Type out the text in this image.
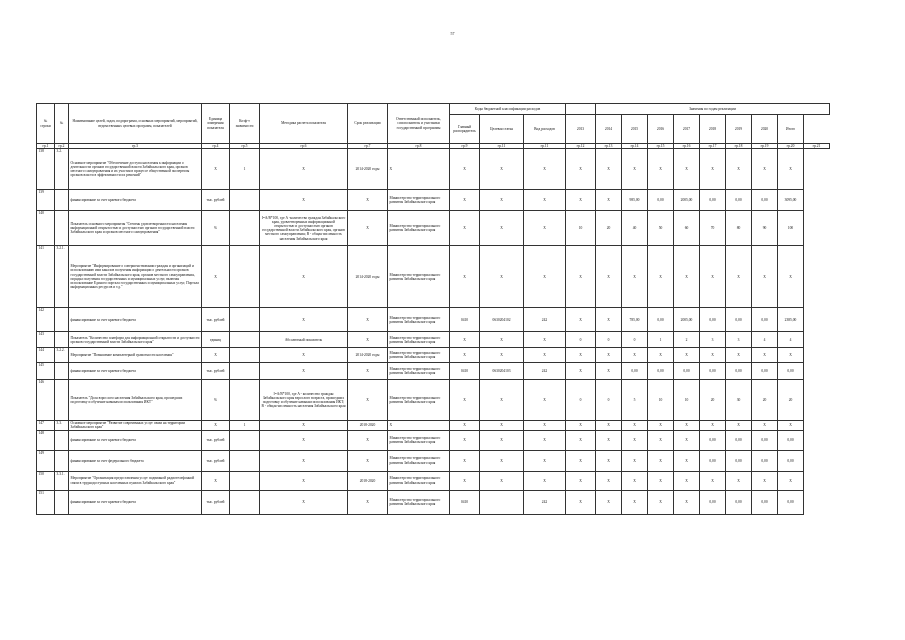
57
№ строки	№	Наименование целей, задач, подпрограмм, основных мероприятий, мероприятий, ведомственных целевых программ, показателей	Единица измерения показателя	Коэф-т значимости	Методика расчета показателя	Срок реализации	Ответственный исполнитель, соисполнитель и участники государственной программы	Коды бюджетной классификации расходов				Значения по годам реализации								
								Главный распорядитель	Целевая статья	Вид расходов	2013	2014	2015	2016	2017	2018	2019	2020	Итого	
гр.1	гр.2	гр.3	гр.4	гр.5	гр.6	гр.7	гр.8	гр.9	гр.11	гр.11	гр.12	гр.13	гр.14	гр.15	гр.16	гр.17	гр.18	гр.19	гр.20	гр.21
138	3.2.	Основное мероприятие "Обеспечение доступа населения к информации о деятельности органов государственной власти Забайкальского края, органов местного самоуправления и их участия в процессе общественной экспертизы органов власти в эффективности их решений"	X	1	X	2014-2020 годы	X	X	X	X	X	X	X	X	X	X	X	X	X	
139		финансирование за счет краевого бюджета	тыс. рублей		X	X	Министерство территориального развития Забайкальского края	X	X	X	X	X	985,00	0,00	2005,00	0,00	0,00	0,00	3095,00	
140		Показатель основного мероприятия "Степень удовлетворенности населения информационной открытостью и доступностью органов государственной власти Забайкальского края и органов местного самоуправления"	%		I=A/B*100, где A -количество граждан Забайкальского края, удовлетворенных информационной открытостью и доступностью органов государственной власти Забайкальского края, органов местного самоуправления; B - общая численность населения Забайкальского края	X	Министерство территориального развития Забайкальского края	X	X	X	10	20	40	50	60	70	80	90	100	
141	3.2.1.	Мероприятие "Информирование о совершенствовании граждан и организаций и использованию ими каналов получения информации о деятельности органов государственной власти Забайкальского края, органов местного самоуправления, порядка получения государственных и муниципальных услуг, включая использование Единого портала государственных и муниципальных услуг, Портала информационных ресурсов и т.д."	X		X	2014-2020 годы	Министерство территориального развития Забайкальского края	X	X	X	X	X	X	X	X	X	X	X	X	
142		финансирование за счет краевого бюджета	тыс. рублей		X	X	Министерство территориального развития Забайкальского края	0410	0630204102	242	X	X	785,00	0,00	2005,00	0,00	0,00	0,00	2385,00	
143		Показатель "Количество платформ для информационной открытости и доступности органов государственной власти Забайкальского края"	единиц		Абсолютный показатель	X	Министерство территориального развития Забайкальского края	X	X	X	0	0	0	1	2	3	3	4	4	
144	3.2.2.	Мероприятие "Повышение компьютерной грамотности населения"	X		X	2014-2020 годы	Министерство территориального развития Забайкальского края	X	X	X	X	X	X	X	X	X	X	X	X	
145		финансирование за счет краевого бюджета	тыс. рублей		X	X	Министерство территориального развития Забайкальского края	0410	0630204103	242	X	X	0,00	0,00	0,00	0,00	0,00	0,00	0,00	
146		Показатель "Доля взрослого населения Забайкальского края, прошедших подготовку и обучение навыкам использования ИКТ"	%		I=A/B*100, где A - количество граждан Забайкальского края взрослого возраста, прошедших подготовку и обучение навыкам использования ИКТ; B - общая численность населения Забайкальского края	X	Министерство территориального развития Забайкальского края	X	X	X	0	0	5	10	10	20	30	20	20	
147	3.3.	Основное мероприятие "Развитие современных услуг связи на территории Забайкальского края"	X	1	X	2018-2020	X	X	X	X	X	X	X	X	X	X	X	X	X	
148		финансирование за счет краевого бюджета	тыс. рублей		X	X	Министерство территориального развития Забайкальского края	X	X	X	X	X	X	X	X	0,00	0,00	0,00	0,00	
149		финансирование за счет федерального бюджета	тыс. рублей		X	X	Министерство территориального развития Забайкальского края	X	X	X	X	X	X	X	X	0,00	0,00	0,00	0,00	
150	3.3.1.	Мероприятие "Организация предоставления услуг подвижной радиотелефонной связи в труднодоступных населенных пунктах Забайкальского края"	X		X	2018-2020	Министерство территориального развития Забайкальского края	X	X	X	X	X	X	X	X	X	X	X	X	
151		финансирование за счет краевого бюджета	тыс. рублей		X	X	Министерство территориального развития Забайкальского края	0410		242	X	X	X	X	X	0,00	0,00	0,00	0,00	
